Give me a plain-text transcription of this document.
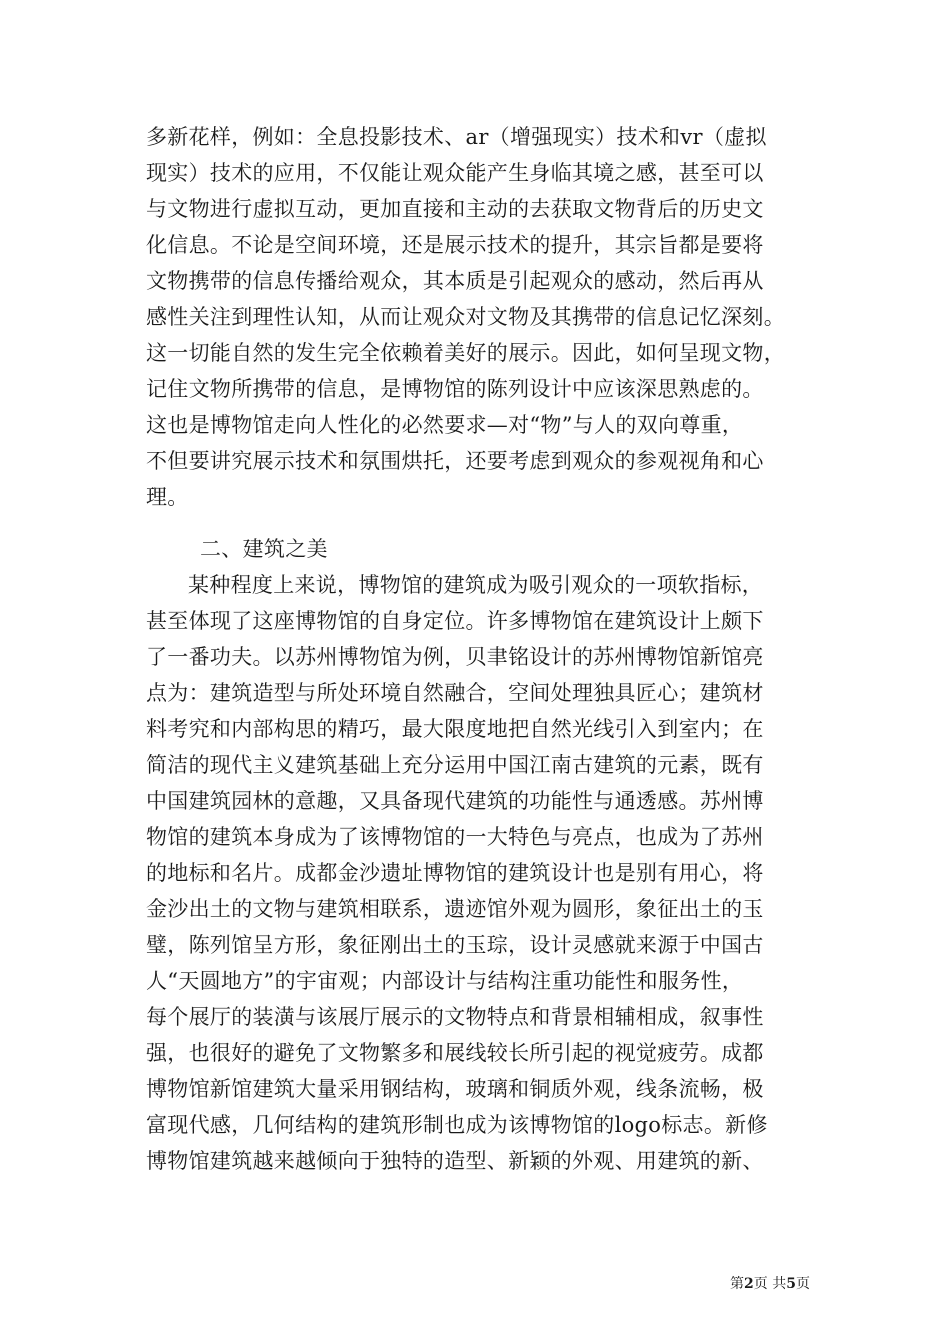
多新花样，例如：全息投影技术、ar（增强现实）技术和vr（虚拟
现实）技术的应用，不仅能让观众能产生身临其境之感，甚至可以
与文物进行虚拟互动，更加直接和主动的去获取文物背后的历史文
化信息。不论是空间环境，还是展示技术的提升，其宗旨都是要将
文物携带的信息传播给观众，其本质是引起观众的感动，然后再从
感性关注到理性认知，从而让观众对文物及其携带的信息记忆深刻。
这一切能自然的发生完全依赖着美好的展示。因此，如何呈现文物，
记住文物所携带的信息，是博物馆的陈列设计中应该深思熟虑的。
这也是博物馆走向人性化的必然要求—对“物”与人的双向尊重，
不但要讲究展示技术和氛围烘托，还要考虑到观众的参观视角和心
理。
二、建筑之美
某种程度上来说，博物馆的建筑成为吸引观众的一项软指标，
甚至体现了这座博物馆的自身定位。许多博物馆在建筑设计上颇下
了一番功夫。以苏州博物馆为例，贝聿铭设计的苏州博物馆新馆亮
点为：建筑造型与所处环境自然融合，空间处理独具匠心；建筑材
料考究和内部构思的精巧，最大限度地把自然光线引入到室内；在
简洁的现代主义建筑基础上充分运用中国江南古建筑的元素，既有
中国建筑园林的意趣，又具备现代建筑的功能性与通透感。苏州博
物馆的建筑本身成为了该博物馆的一大特色与亮点，也成为了苏州
的地标和名片。成都金沙遗址博物馆的建筑设计也是别有用心，将
金沙出土的文物与建筑相联系，遗迹馆外观为圆形，象征出土的玉
璧，陈列馆呈方形，象征刚出土的玉琮，设计灵感就来源于中国古
人“天圆地方”的宇宙观；内部设计与结构注重功能性和服务性，
每个展厅的装潢与该展厅展示的文物特点和背景相辅相成，叙事性
强，也很好的避免了文物繁多和展线较长所引起的视觉疲劳。成都
博物馆新馆建筑大量采用钢结构，玻璃和铜质外观，线条流畅，极
富现代感，几何结构的建筑形制也成为该博物馆的logo标志。新修
博物馆建筑越来越倾向于独特的造型、新颖的外观、用建筑的新、
第2页 共5页
